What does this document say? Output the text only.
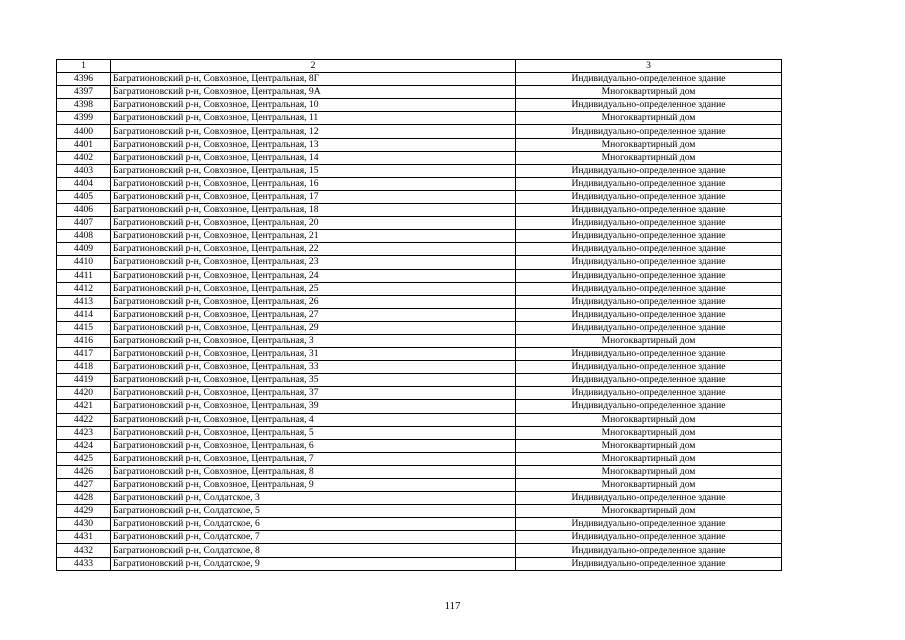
1	2	3
4396	Багратионовский р-н, Совхозное, Центральная, 8Г	Индивидуально-определенное здание
4397	Багратионовский р-н, Совхозное, Центральная, 9А	Многоквартирный дом
4398	Багратионовский р-н, Совхозное, Центральная, 10	Индивидуально-определенное здание
4399	Багратионовский р-н, Совхозное, Центральная, 11	Многоквартирный дом
4400	Багратионовский р-н, Совхозное, Центральная, 12	Индивидуально-определенное здание
4401	Багратионовский р-н, Совхозное, Центральная, 13	Многоквартирный дом
4402	Багратионовский р-н, Совхозное, Центральная, 14	Многоквартирный дом
4403	Багратионовский р-н, Совхозное, Центральная, 15	Индивидуально-определенное здание
4404	Багратионовский р-н, Совхозное, Центральная, 16	Индивидуально-определенное здание
4405	Багратионовский р-н, Совхозное, Центральная, 17	Индивидуально-определенное здание
4406	Багратионовский р-н, Совхозное, Центральная, 18	Индивидуально-определенное здание
4407	Багратионовский р-н, Совхозное, Центральная, 20	Индивидуально-определенное здание
4408	Багратионовский р-н, Совхозное, Центральная, 21	Индивидуально-определенное здание
4409	Багратионовский р-н, Совхозное, Центральная, 22	Индивидуально-определенное здание
4410	Багратионовский р-н, Совхозное, Центральная, 23	Индивидуально-определенное здание
4411	Багратионовский р-н, Совхозное, Центральная, 24	Индивидуально-определенное здание
4412	Багратионовский р-н, Совхозное, Центральная, 25	Индивидуально-определенное здание
4413	Багратионовский р-н, Совхозное, Центральная, 26	Индивидуально-определенное здание
4414	Багратионовский р-н, Совхозное, Центральная, 27	Индивидуально-определенное здание
4415	Багратионовский р-н, Совхозное, Центральная, 29	Индивидуально-определенное здание
4416	Багратионовский р-н, Совхозное, Центральная, 3	Многоквартирный дом
4417	Багратионовский р-н, Совхозное, Центральная, 31	Индивидуально-определенное здание
4418	Багратионовский р-н, Совхозное, Центральная, 33	Индивидуально-определенное здание
4419	Багратионовский р-н, Совхозное, Центральная, 35	Индивидуально-определенное здание
4420	Багратионовский р-н, Совхозное, Центральная, 37	Индивидуально-определенное здание
4421	Багратионовский р-н, Совхозное, Центральная, 39	Индивидуально-определенное здание
4422	Багратионовский р-н, Совхозное, Центральная, 4	Многоквартирный дом
4423	Багратионовский р-н, Совхозное, Центральная, 5	Многоквартирный дом
4424	Багратионовский р-н, Совхозное, Центральная, 6	Многоквартирный дом
4425	Багратионовский р-н, Совхозное, Центральная, 7	Многоквартирный дом
4426	Багратионовский р-н, Совхозное, Центральная, 8	Многоквартирный дом
4427	Багратионовский р-н, Совхозное, Центральная, 9	Многоквартирный дом
4428	Багратионовский р-н, Солдатское, 3	Индивидуально-определенное здание
4429	Багратионовский р-н, Солдатское, 5	Многоквартирный дом
4430	Багратионовский р-н, Солдатское, 6	Индивидуально-определенное здание
4431	Багратионовский р-н, Солдатское, 7	Индивидуально-определенное здание
4432	Багратионовский р-н, Солдатское, 8	Индивидуально-определенное здание
4433	Багратионовский р-н, Солдатское, 9	Индивидуально-определенное здание
117
